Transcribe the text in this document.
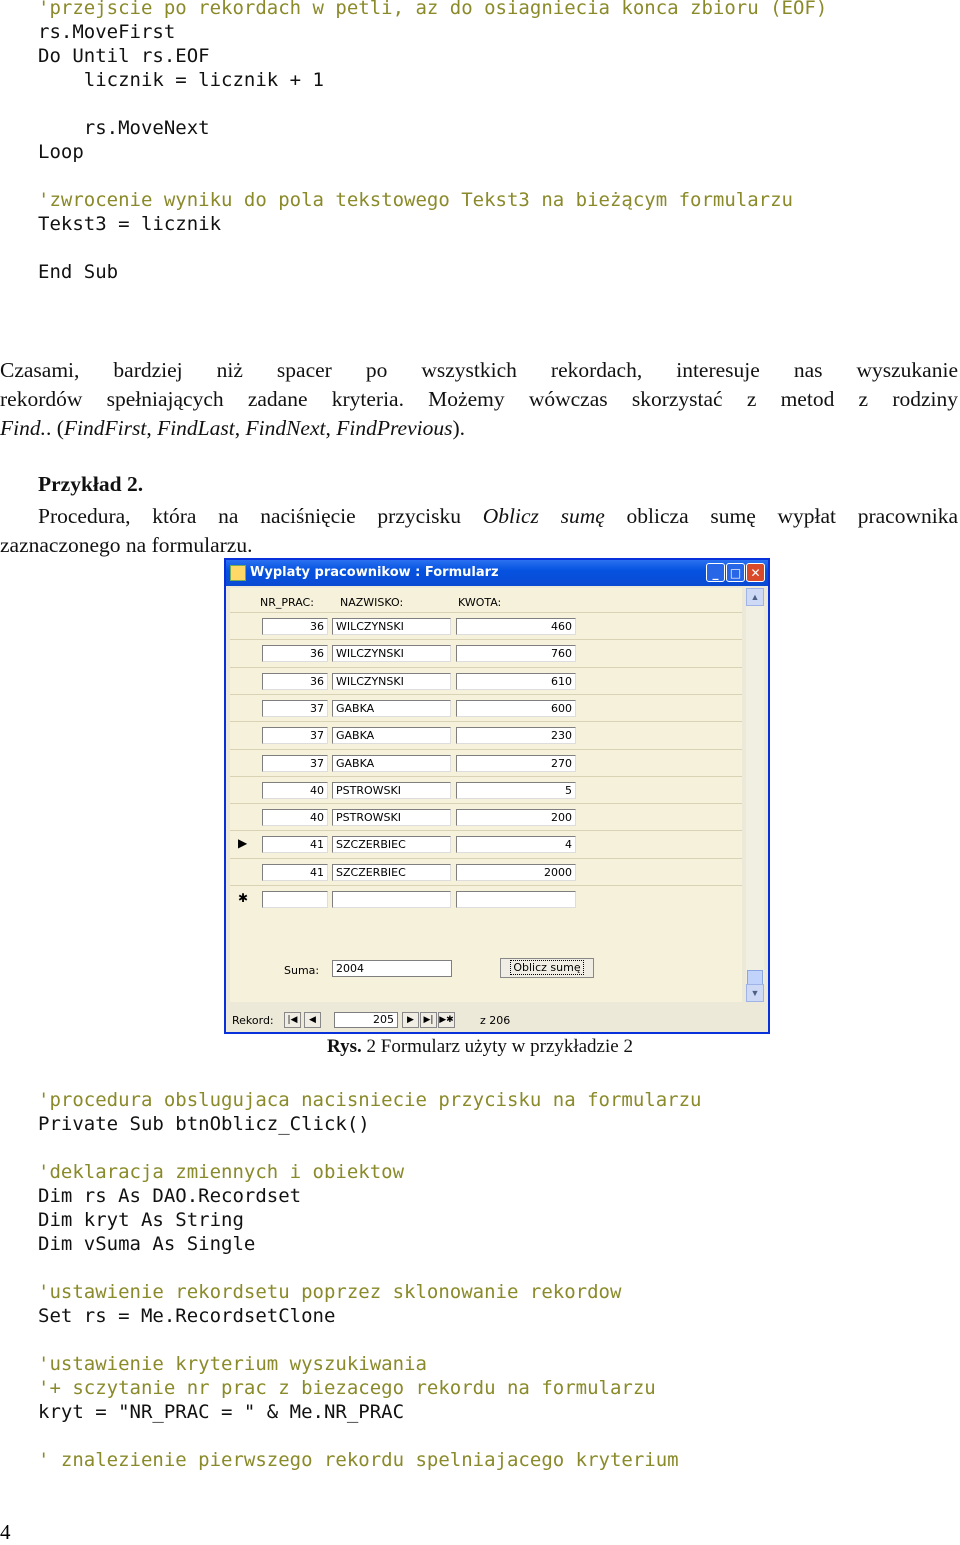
'przejscie po rekordach w petli, az do osiagniecia konca zbioru (EOF)
rs.MoveFirst
Do Until rs.EOF
licznik = licznik + 1

rs.MoveNext
Loop

'zwrocenie wyniku do pola tekstowego Tekst3 na bieżącym formularzu
Tekst3 = licznik

End Sub

Czasami, bardziej niż spacer po wszystkich rekordach, interesuje nas wyszukanie
rekordów spełniających zadane kryteria. Możemy wówczas skorzystać z metod z rodziny
Find.. (FindFirst, FindLast, FindNext, FindPrevious).
Przykład 2.
Procedura, która na naciśnięcie przycisku Oblicz sumę oblicza sumę wypłat pracownika
zaznaczonego na formularzu.
Wyplaty pracownikow : Formularz	_ □ ✕
NR_PRAC: NAZWISKO:	KWOTA:
36	WILCZYNSKI	460
36	WILCZYNSKI	760
36	WILCZYNSKI	610
37	GABKA	600
37	GABKA	230
37	GABKA	270
40	PSTROWSKI	5
40	PSTROWSKI	200
▶	41	SZCZERBIEC	4
41	SZCZERBIEC	2000
✱
Suma:	2004	Oblicz sumę
▲
▼
Rekord:	|◀	◀	205	▶	▶| ▶✱ z 206
Rys. 2 Formularz użyty w przykładzie 2
'procedura obslugujaca nacisniecie przycisku na formularzu
Private Sub btnOblicz_Click()

'deklaracja zmiennych i obiektow
Dim rs As DAO.Recordset
Dim kryt As String
Dim vSuma As Single

'ustawienie rekordsetu poprzez sklonowanie rekordow
Set rs = Me.RecordsetClone

'ustawienie kryterium wyszukiwania
'+ sczytanie nr prac z biezacego rekordu na formularzu
kryt = "NR_PRAC = " & Me.NR_PRAC

' znalezienie pierwszego rekordu spelniajacego kryterium

4
